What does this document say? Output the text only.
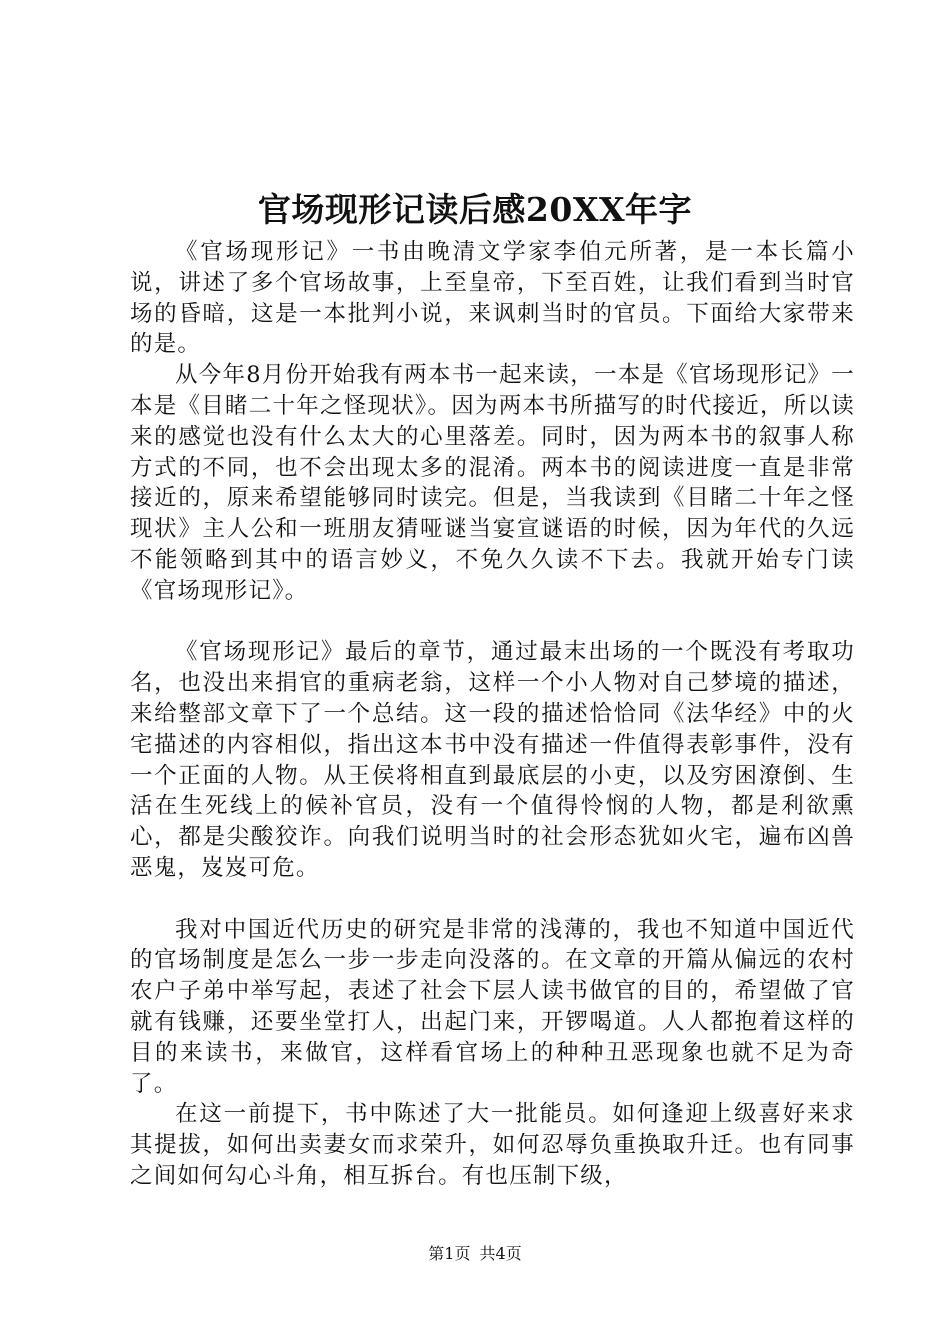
官场现形记读后感20XX年字

《官场现形记》一书由晚清文学家李伯元所著，是一本长篇小说，讲述了多个官场故事，上至皇帝，下至百姓，让我们看到当时官场的昏暗，这是一本批判小说，来讽刺当时的官员。下面给大家带来的是。

从今年8月份开始我有两本书一起来读，一本是《官场现形记》一本是《目睹二十年之怪现状》。因为两本书所描写的时代接近，所以读来的感觉也没有什么太大的心里落差。同时，因为两本书的叙事人称方式的不同，也不会出现太多的混淆。两本书的阅读进度一直是非常接近的，原来希望能够同时读完。但是，当我读到《目睹二十年之怪现状》主人公和一班朋友猜哑谜当宴宣谜语的时候，因为年代的久远不能领略到其中的语言妙义，不免久久读不下去。我就开始专门读《官场现形记》。

《官场现形记》最后的章节，通过最末出场的一个既没有考取功名，也没出来捐官的重病老翁，这样一个小人物对自己梦境的描述，来给整部文章下了一个总结。这一段的描述恰恰同《法华经》中的火宅描述的内容相似，指出这本书中没有描述一件值得表彰事件，没有一个正面的人物。从王侯将相直到最底层的小吏，以及穷困潦倒、生活在生死线上的候补官员，没有一个值得怜悯的人物，都是利欲熏心，都是尖酸狡诈。向我们说明当时的社会形态犹如火宅，遍布凶兽恶鬼，岌岌可危。

我对中国近代历史的研究是非常的浅薄的，我也不知道中国近代的官场制度是怎么一步一步走向没落的。在文章的开篇从偏远的农村农户子弟中举写起，表述了社会下层人读书做官的目的，希望做了官就有钱赚，还要坐堂打人，出起门来，开锣喝道。人人都抱着这样的目的来读书，来做官，这样看官场上的种种丑恶现象也就不足为奇了。

在这一前提下，书中陈述了大一批能员。如何逢迎上级喜好来求其提拔，如何出卖妻女而求荣升，如何忍辱负重换取升迁。也有同事之间如何勾心斗角，相互拆台。有也压制下级，

第1页 共4页
